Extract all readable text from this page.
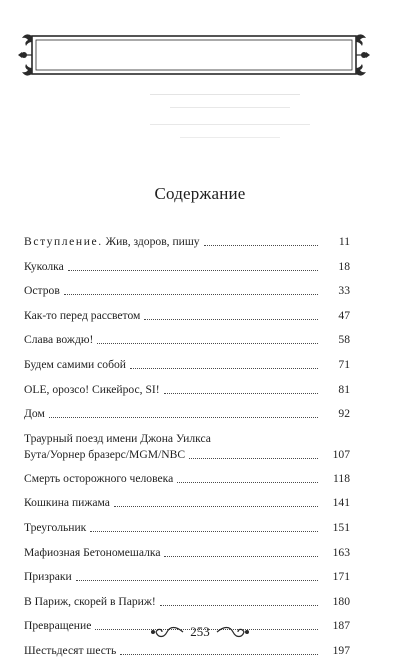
Содержание
Вступление. Жив, здоров, пишу	11
Куколка	18
Остров	33
Как-то перед рассветом	47
Слава вождю!	58
Будем самими собой	71
OLE, орозсо! Сикейрос, SI!	81
Дом	92
Траурный поезд имени Джона Уилкса
Бута/Уорнер бразерс/MGM/NBC	107
Смерть осторожного человека	118
Кошкина пижама	141
Треугольник	151
Мафиозная Бетономешалка	163
Призраки	171
В Париж, скорей в Париж!	180
Превращение	187
Шестьдесят шесть	197
253
